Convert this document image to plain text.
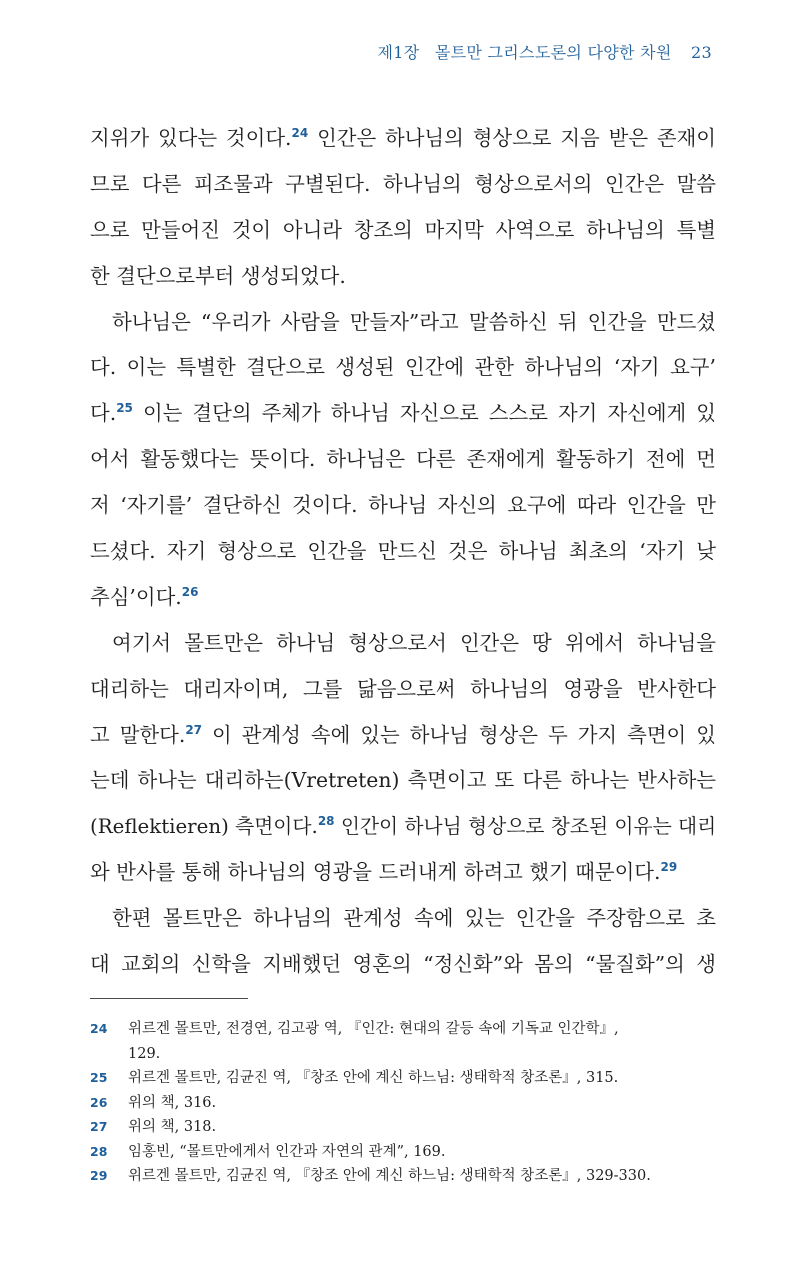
제1장 몰트만 그리스도론의 다양한 차원 23
지위가 있다는 것이다.$^{24}$ 인간은 하나님의 형상으로 지음 받은 존재이
므로 다른 피조물과 구별된다. 하나님의 형상으로서의 인간은 말씀
으로 만들어진 것이 아니라 창조의 마지막 사역으로 하나님의 특별
한 결단으로부터 생성되었다.
하나님은 “우리가 사람을 만들자”라고 말씀하신 뒤 인간을 만드셨
다. 이는 특별한 결단으로 생성된 인간에 관한 하나님의 ‘자기 요구’
다.$^{25}$ 이는 결단의 주체가 하나님 자신으로 스스로 자기 자신에게 있
어서 활동했다는 뜻이다. 하나님은 다른 존재에게 활동하기 전에 먼
저 ‘자기를’ 결단하신 것이다. 하나님 자신의 요구에 따라 인간을 만
드셨다. 자기 형상으로 인간을 만드신 것은 하나님 최초의 ‘자기 낮
추심’이다.$^{26}$
여기서 몰트만은 하나님 형상으로서 인간은 땅 위에서 하나님을
대리하는 대리자이며, 그를 닮음으로써 하나님의 영광을 반사한다
고 말한다.$^{27}$ 이 관계성 속에 있는 하나님 형상은 두 가지 측면이 있
는데 하나는 대리하는(Vretreten) 측면이고 또 다른 하나는 반사하는
(Reflektieren) 측면이다.$^{28}$ 인간이 하나님 형상으로 창조된 이유는 대리
와 반사를 통해 하나님의 영광을 드러내게 하려고 했기 때문이다.$^{29}$
한편 몰트만은 하나님의 관계성 속에 있는 인간을 주장함으로 초
대 교회의 신학을 지배했던 영혼의 “정신화”와 몸의 “물질화”의 생
24 위르겐 몰트만, 전경연, 김고광 역, 『인간: 현대의 갈등 속에 기독교 인간학』,
129.
25 위르겐 몰트만, 김균진 역, 『창조 안에 계신 하느님: 생태학적 창조론』, 315.
26 위의 책, 316.
27 위의 책, 318.
28 임홍빈, “몰트만에게서 인간과 자연의 관계”, 169.
29 위르겐 몰트만, 김균진 역, 『창조 안에 계신 하느님: 생태학적 창조론』, 329-330.
